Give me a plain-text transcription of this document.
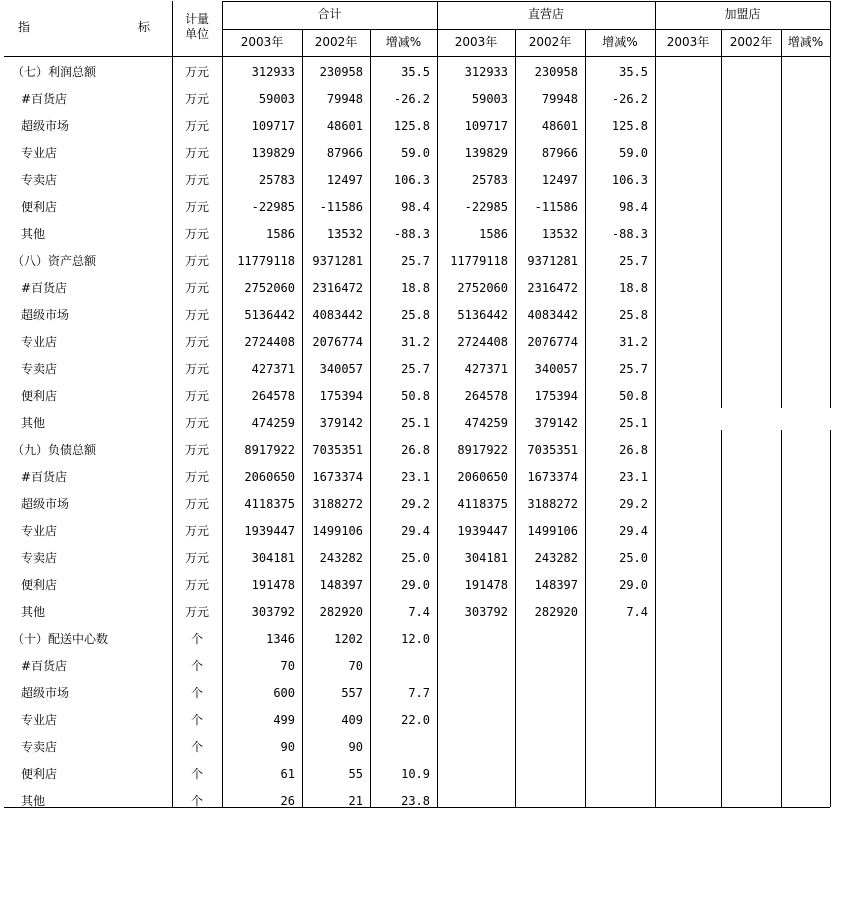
指	标
计量
单位
合计	直营店	加盟店
2003年	2002年	增减%	2003年	2002年	增减%	2003年	2002年	增减%
（七）利润总额	万元	312933	230958	35.5	312933	230958	35.5
#百货店	万元	59003	79948	-26.2	59003	79948	-26.2
超级市场	万元	109717	48601	125.8	109717	48601	125.8
专业店	万元	139829	87966	59.0	139829	87966	59.0
专卖店	万元	25783	12497	106.3	25783	12497	106.3
便利店	万元	-22985	-11586	98.4	-22985	-11586	98.4
其他	万元	1586	13532	-88.3	1586	13532	-88.3
（八）资产总额	万元	11779118	9371281	25.7	11779118	9371281	25.7
#百货店	万元	2752060	2316472	18.8	2752060	2316472	18.8
超级市场	万元	5136442	4083442	25.8	5136442	4083442	25.8
专业店	万元	2724408	2076774	31.2	2724408	2076774	31.2
专卖店	万元	427371	340057	25.7	427371	340057	25.7
便利店	万元	264578	175394	50.8	264578	175394	50.8
其他	万元	474259	379142	25.1	474259	379142	25.1
（九）负债总额	万元	8917922	7035351	26.8	8917922	7035351	26.8
#百货店	万元	2060650	1673374	23.1	2060650	1673374	23.1
超级市场	万元	4118375	3188272	29.2	4118375	3188272	29.2
专业店	万元	1939447	1499106	29.4	1939447	1499106	29.4
专卖店	万元	304181	243282	25.0	304181	243282	25.0
便利店	万元	191478	148397	29.0	191478	148397	29.0
其他	万元	303792	282920	7.4	303792	282920	7.4
（十）配送中心数	个	1346	1202	12.0
#百货店	个	70	70
超级市场	个	600	557	7.7
专业店	个	499	409	22.0
专卖店	个	90	90
便利店	个	61	55	10.9
其他	个	26	21	23.8
